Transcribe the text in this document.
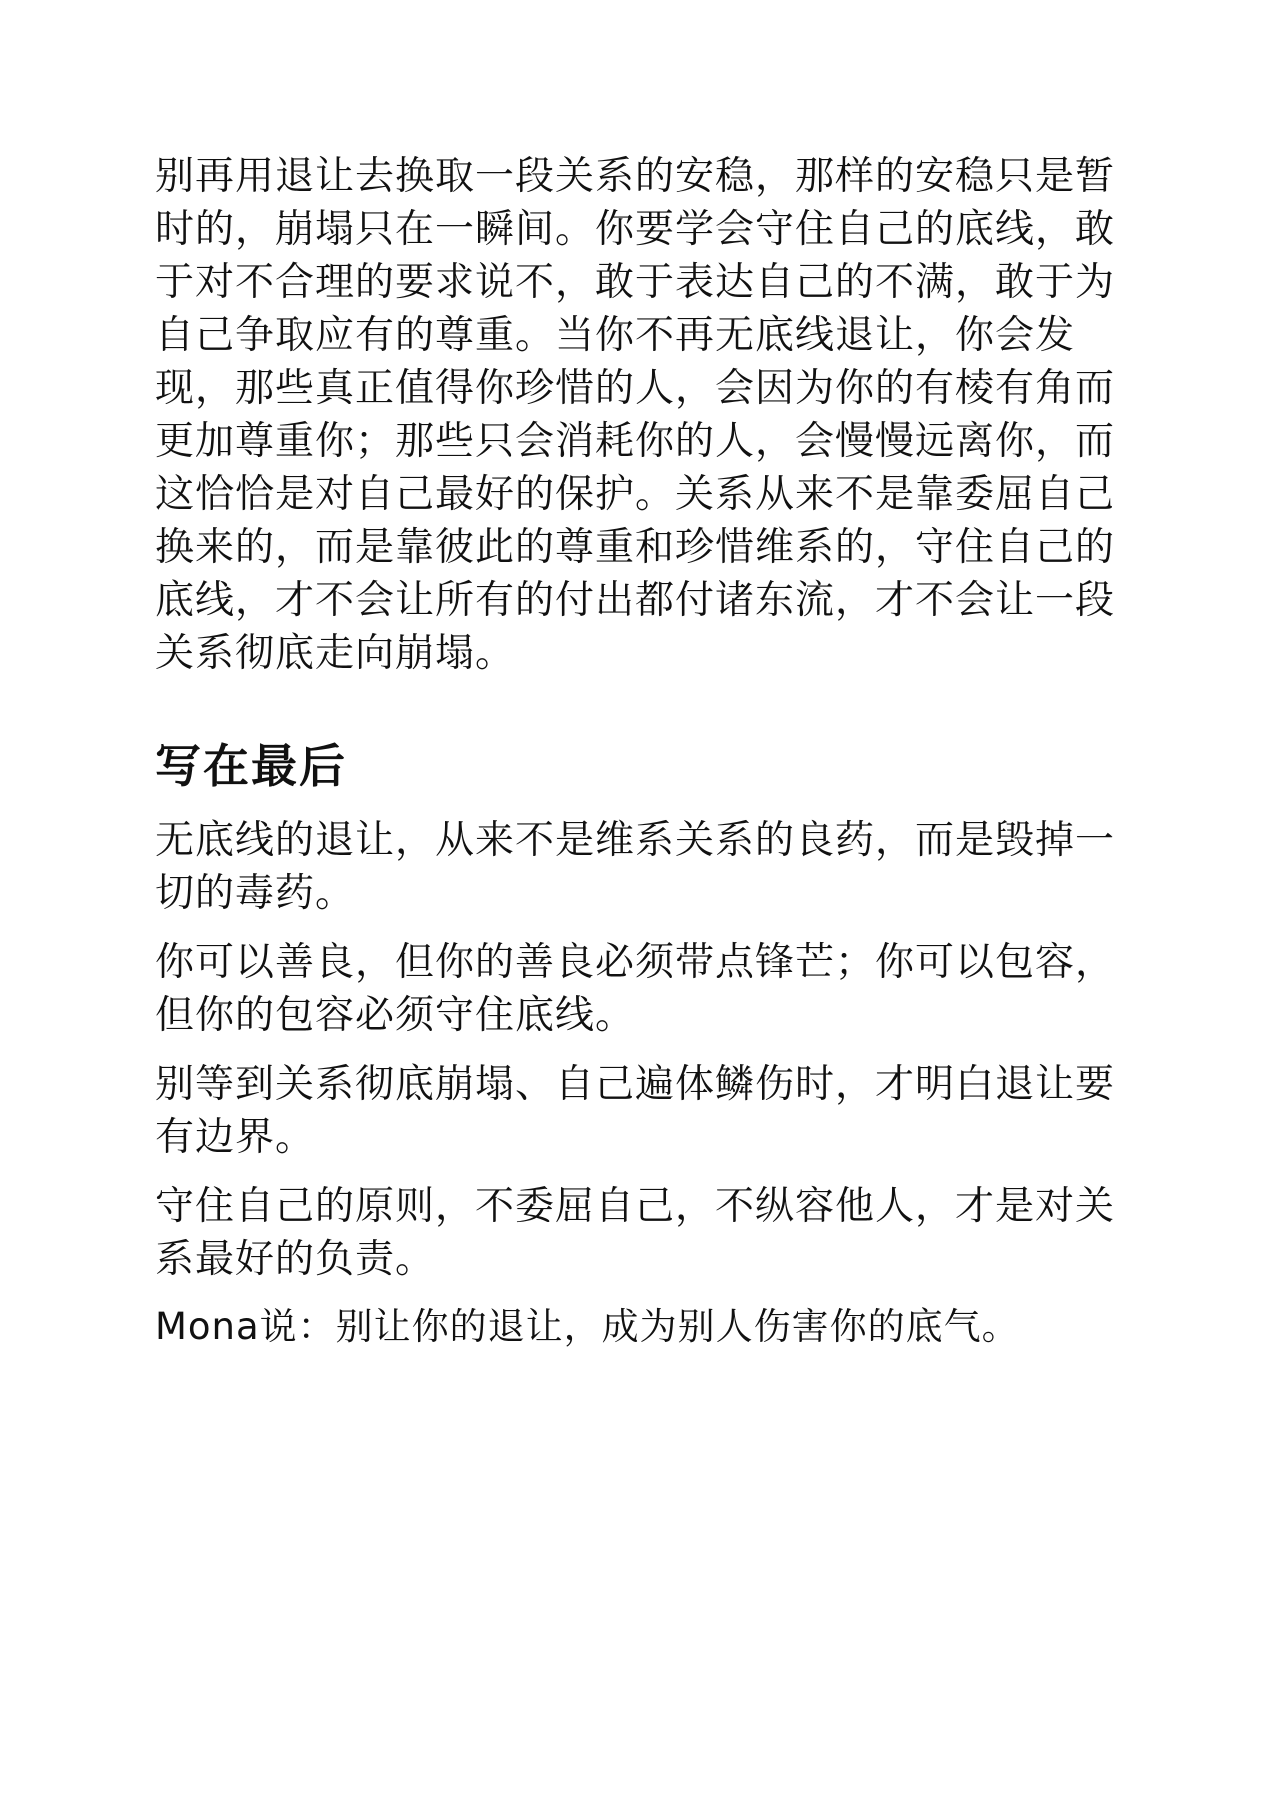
别再用退让去换取一段关系的安稳，那样的安稳只是暂时的，崩塌只在一瞬间。你要学会守住自己的底线，敢于对不合理的要求说不，敢于表达自己的不满，敢于为自己争取应有的尊重。当你不再无底线退让，你会发现，那些真正值得你珍惜的人，会因为你的有棱有角而更加尊重你；那些只会消耗你的人，会慢慢远离你，而这恰恰是对自己最好的保护。关系从来不是靠委屈自己换来的，而是靠彼此的尊重和珍惜维系的，守住自己的底线，才不会让所有的付出都付诸东流，才不会让一段关系彻底走向崩塌。

写在最后

无底线的退让，从来不是维系关系的良药，而是毁掉一切的毒药。

你可以善良，但你的善良必须带点锋芒；你可以包容，但你的包容必须守住底线。

别等到关系彻底崩塌、自己遍体鳞伤时，才明白退让要有边界。

守住自己的原则，不委屈自己，不纵容他人，才是对关系最好的负责。

Mona说：别让你的退让，成为别人伤害你的底气。
